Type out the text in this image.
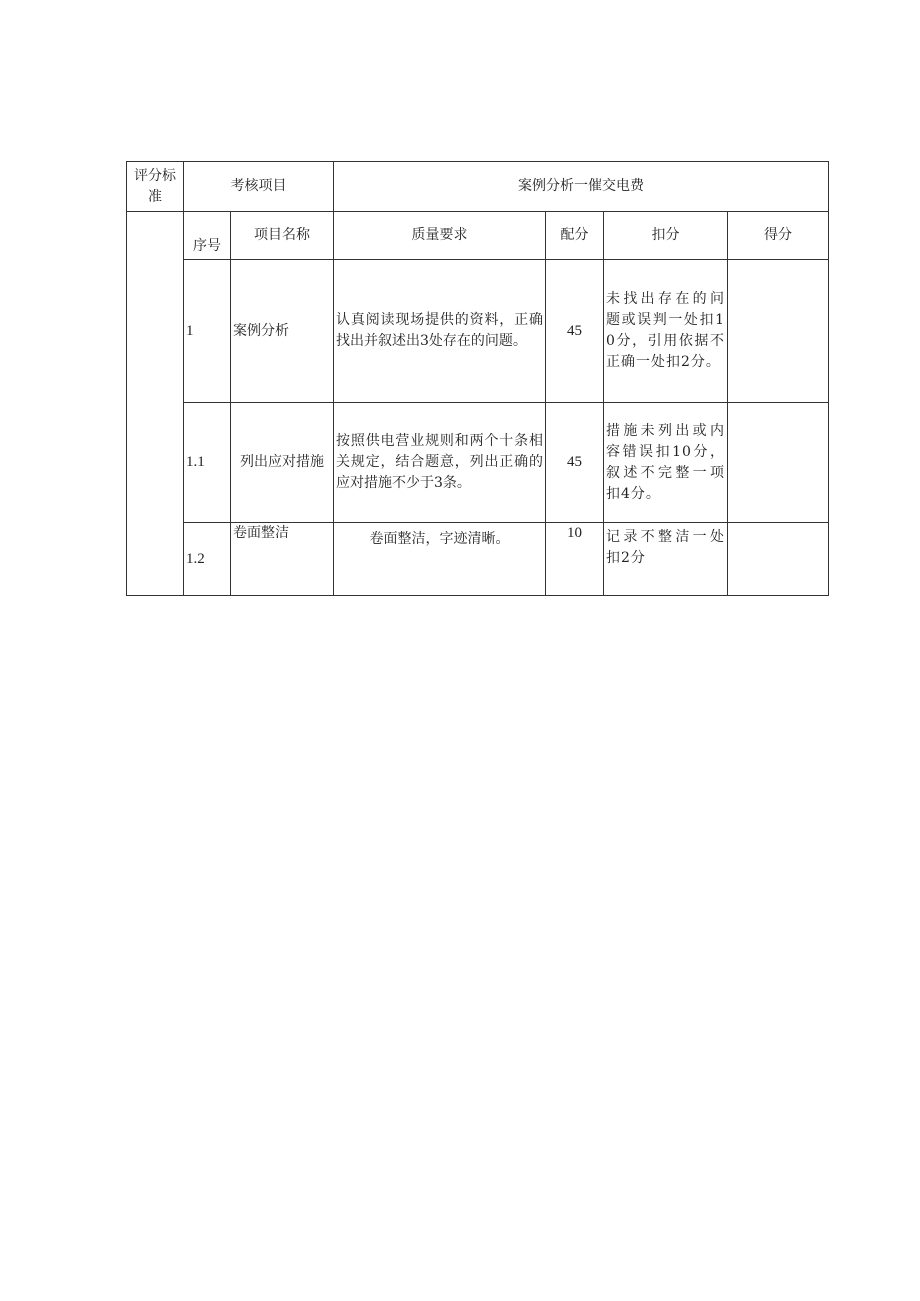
评分标准	考核项目		案例分析一催交电费			
	序号	项目名称	质量要求	配分	扣分	得分
	1	案例分析	认真阅读现场提供的资料，正确找出并叙述出3处存在的问题。	45	未找出存在的问题或误判一处扣10分，引用依据不正确一处扣2分。	
	1.1	列出应对措施	按照供电营业规则和两个十条相关规定，结合题意，列出正确的应对措施不少于3条。	45	措施未列出或内容错误扣10分，叙述不完整一项扣4分。	
	1.2	卷面整洁	卷面整洁，字迹清晰。	10	记录不整洁一处扣2分	
